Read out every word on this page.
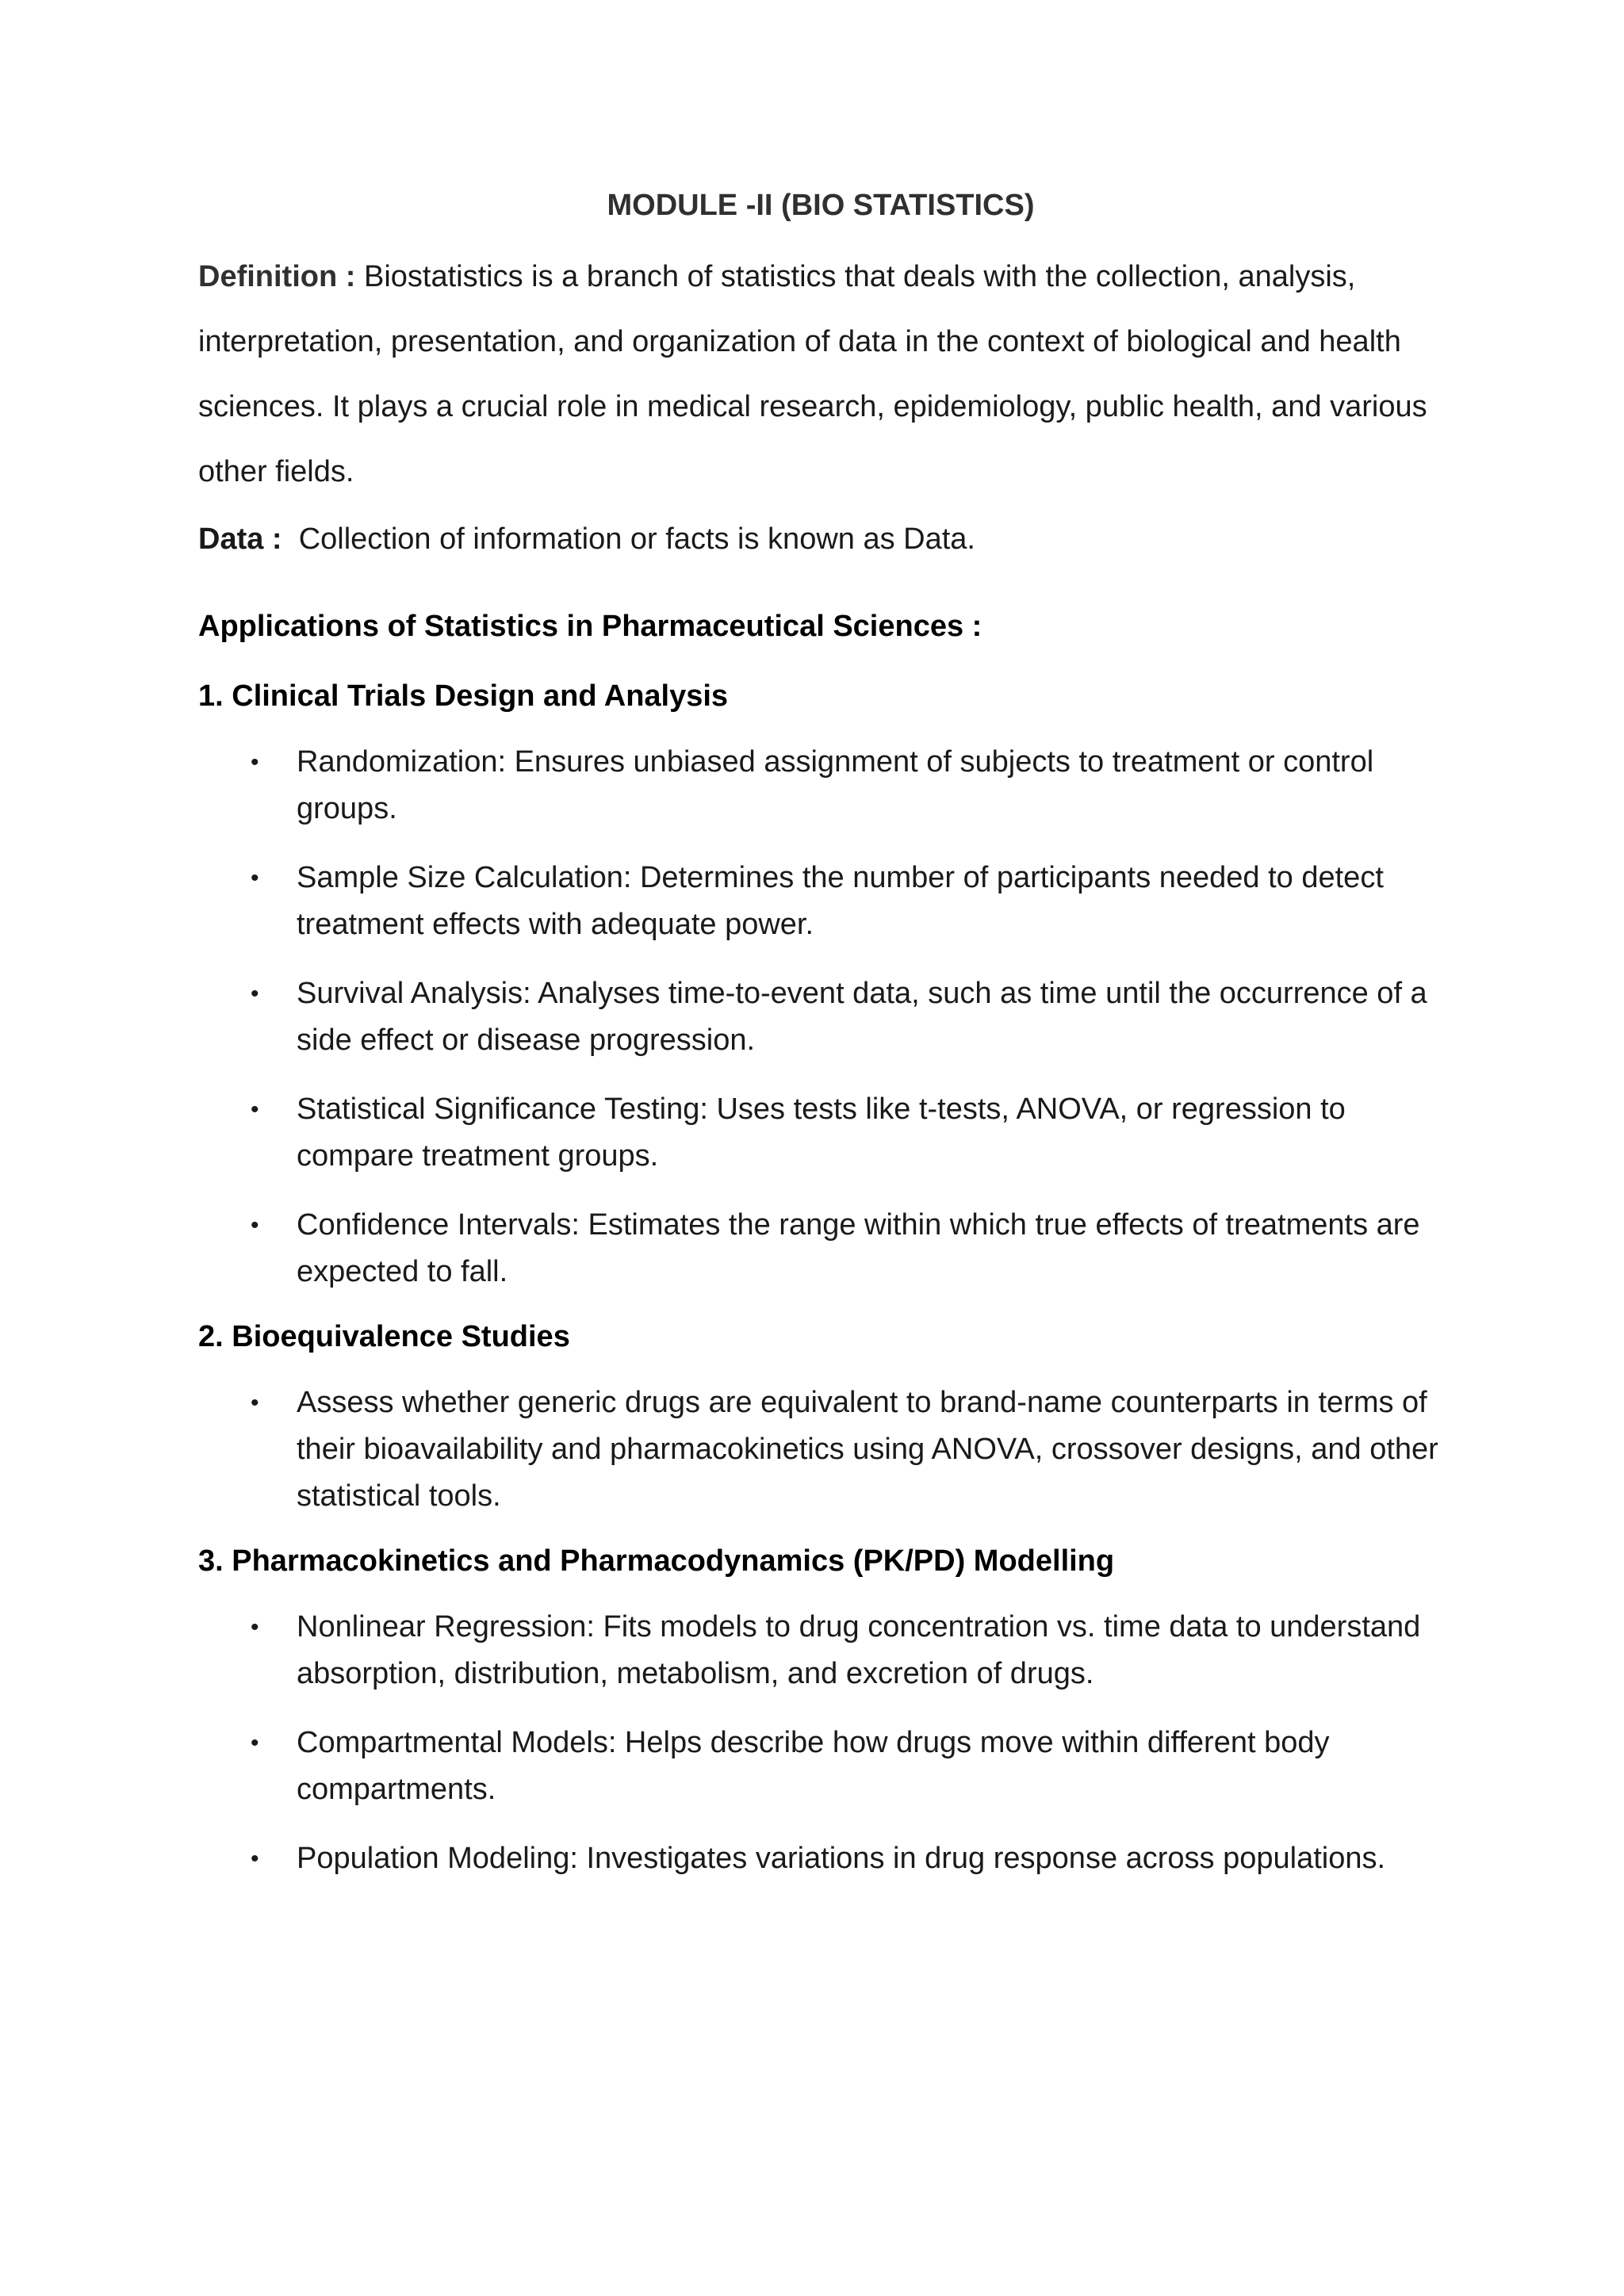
MODULE -II (BIO STATISTICS)

Definition : Biostatistics is a branch of statistics that deals with the collection, analysis, interpretation, presentation, and organization of data in the context of biological and health sciences. It plays a crucial role in medical research, epidemiology, public health, and various other fields.

Data : Collection of information or facts is known as Data.

Applications of Statistics in Pharmaceutical Sciences :
1. Clinical Trials Design and Analysis
• Randomization: Ensures unbiased assignment of subjects to treatment or control groups.
• Sample Size Calculation: Determines the number of participants needed to detect treatment effects with adequate power.
• Survival Analysis: Analyses time-to-event data, such as time until the occurrence of a side effect or disease progression.
• Statistical Significance Testing: Uses tests like t-tests, ANOVA, or regression to compare treatment groups.
• Confidence Intervals: Estimates the range within which true effects of treatments are expected to fall.
2. Bioequivalence Studies
• Assess whether generic drugs are equivalent to brand-name counterparts in terms of their bioavailability and pharmacokinetics using ANOVA, crossover designs, and other statistical tools.
3. Pharmacokinetics and Pharmacodynamics (PK/PD) Modelling
• Nonlinear Regression: Fits models to drug concentration vs. time data to understand absorption, distribution, metabolism, and excretion of drugs.
• Compartmental Models: Helps describe how drugs move within different body compartments.
• Population Modeling: Investigates variations in drug response across populations.
